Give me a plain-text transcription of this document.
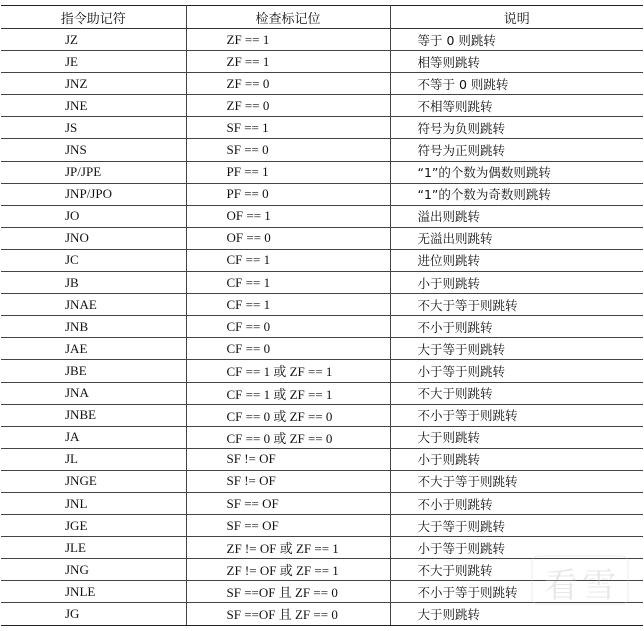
指令助记符	检查标记位	说明
JZ	ZF == 1	等于 0 则跳转
JE	ZF == 1	相等则跳转
JNZ	ZF == 0	不等于 0 则跳转
JNE	ZF == 0	不相等则跳转
JS	SF == 1	符号为负则跳转
JNS	SF == 0	符号为正则跳转
JP/JPE	PF == 1	“1”的个数为偶数则跳转
JNP/JPO	PF == 0	“1”的个数为奇数则跳转
JO	OF == 1	溢出则跳转
JNO	OF == 0	无溢出则跳转
JC	CF == 1	进位则跳转
JB	CF == 1	小于则跳转
JNAE	CF == 1	不大于等于则跳转
JNB	CF == 0	不小于则跳转
JAE	CF == 0	大于等于则跳转
JBE	CF == 1 或 ZF == 1	小于等于则跳转
JNA	CF == 1 或 ZF == 1	不大于则跳转
JNBE	CF == 0 或 ZF == 0	不小于等于则跳转
JA	CF == 0 或 ZF == 0	大于则跳转
JL	SF != OF	小于则跳转
JNGE	SF != OF	不大于等于则跳转
JNL	SF == OF	不小于则跳转
JGE	SF == OF	大于等于则跳转
JLE	ZF != OF 或 ZF == 1	小于等于则跳转
JNG	ZF != OF 或 ZF == 1	不大于则跳转
JNLE	SF ==OF 且 ZF == 0	不小于等于则跳转
JG	SF ==OF 且 ZF == 0	大于则跳转
看雪
